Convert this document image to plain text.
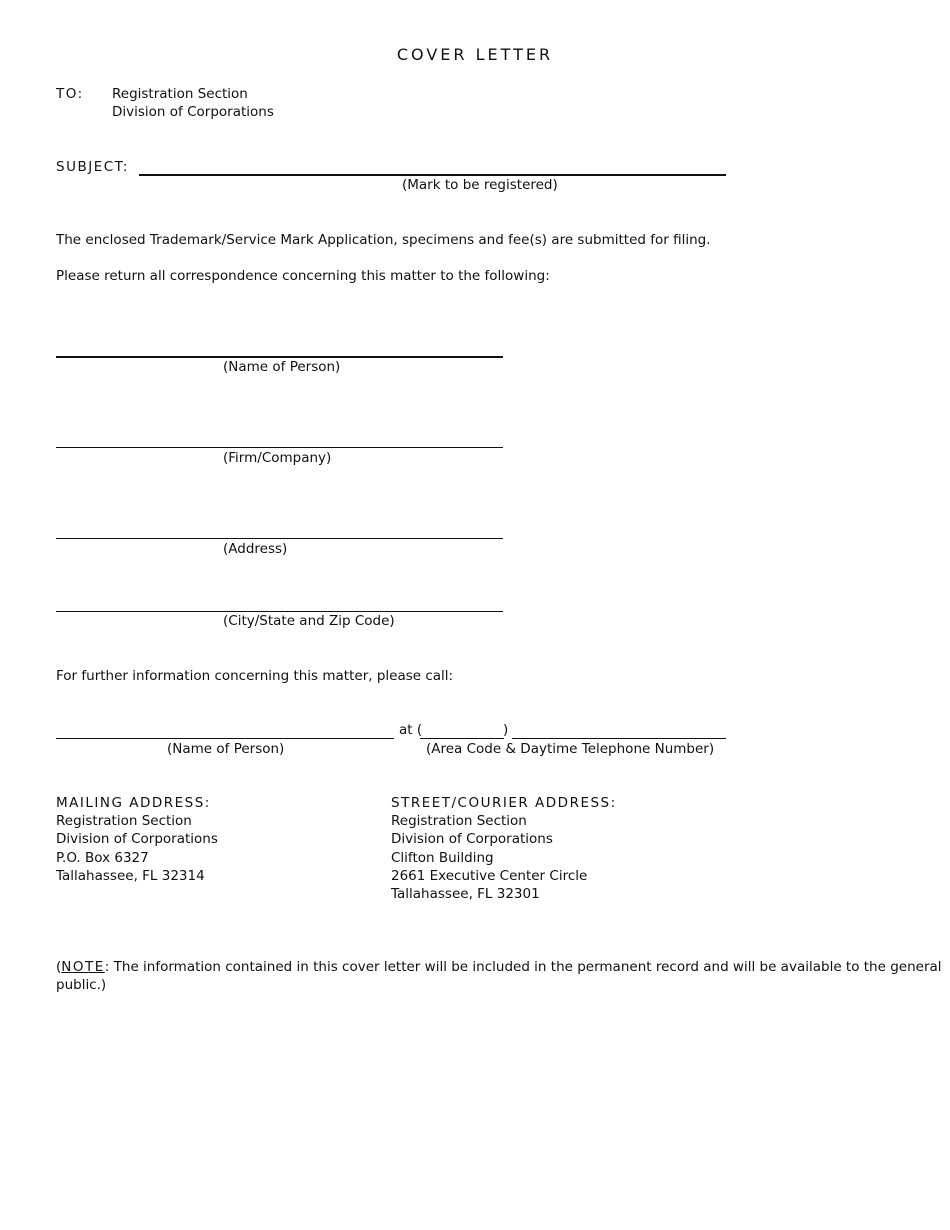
COVER LETTER
TO: Registration Section
Division of Corporations
SUBJECT:
(Mark to be registered)
The enclosed Trademark/Service Mark Application, specimens and fee(s) are submitted for filing.
Please return all correspondence concerning this matter to the following:
(Name of Person)
(Firm/Company)
(Address)
(City/State and Zip Code)
For further information concerning this matter, please call:
at (	)
(Name of Person)	(Area Code & Daytime Telephone Number)
MAILING ADDRESS:
Registration Section
Division of Corporations
P.O. Box 6327
Tallahassee, FL 32314
STREET/COURIER ADDRESS:
Registration Section
Division of Corporations
Clifton Building
2661 Executive Center Circle
Tallahassee, FL 32301
(NOTE: The information contained in this cover letter will be included in the permanent record and will be available to the general
public.)
